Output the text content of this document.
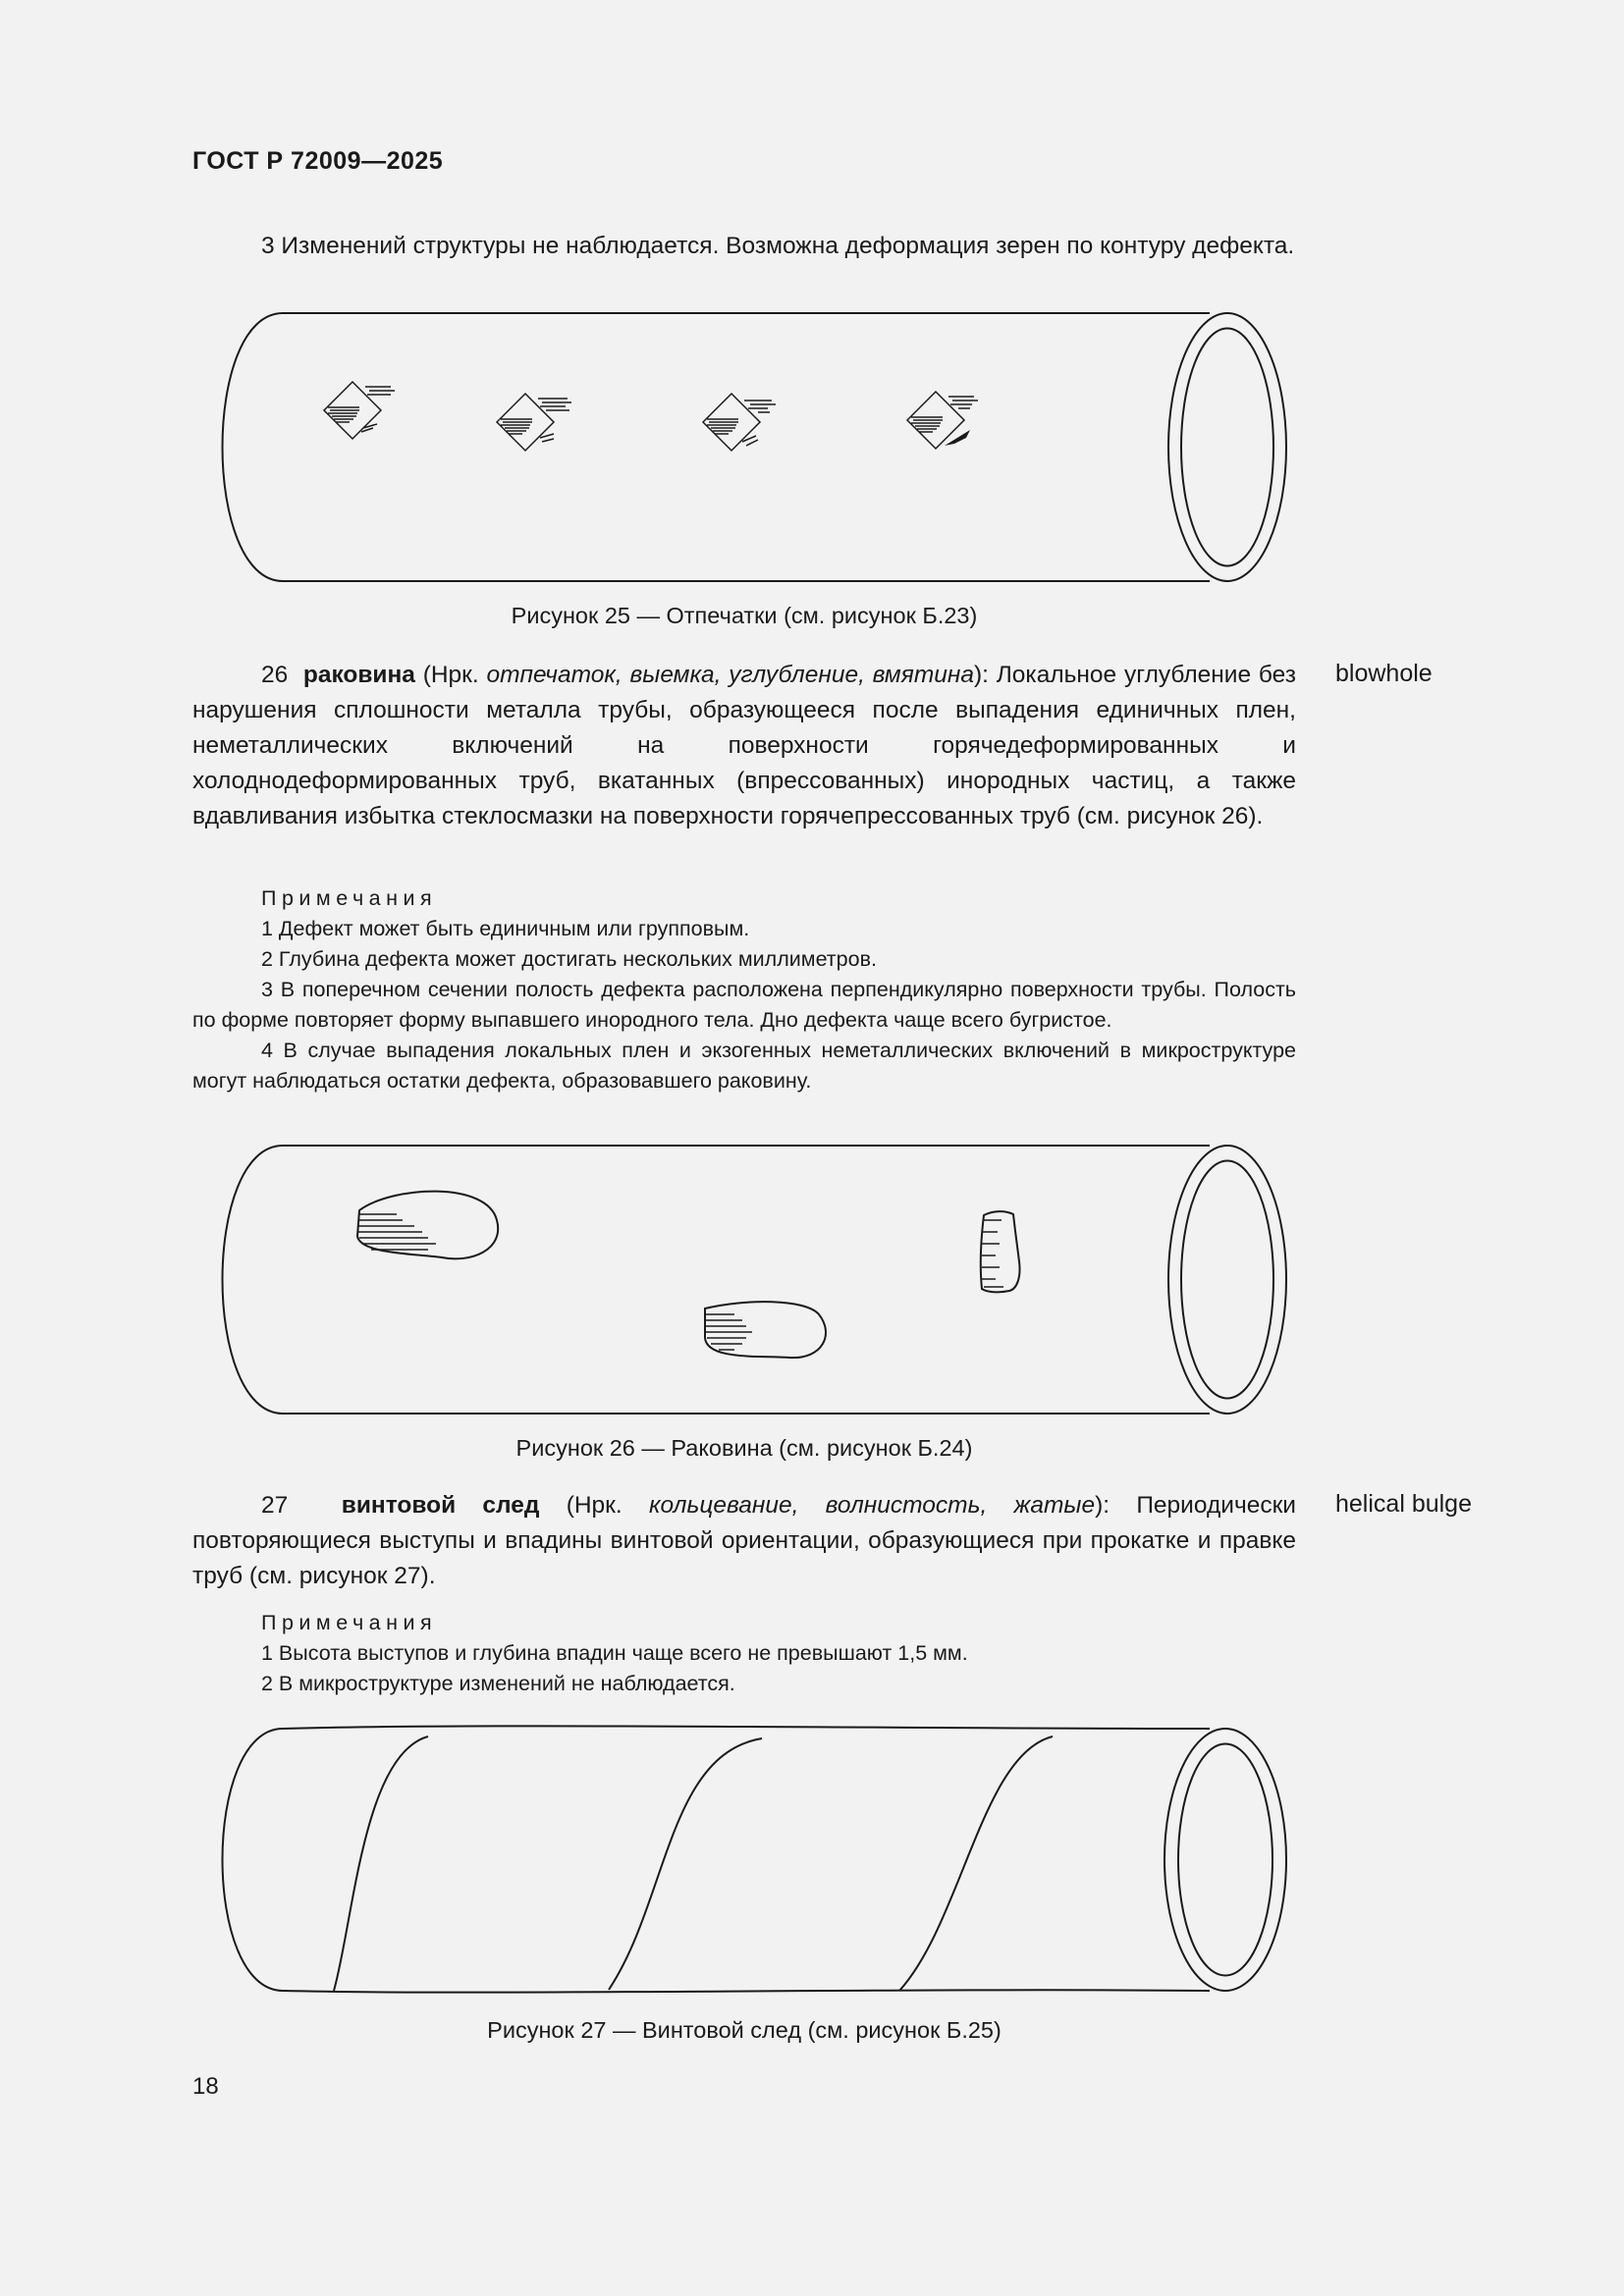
ГОСТ Р 72009—2025
3 Изменений структуры не наблюдается. Возможна деформация зерен по контуру дефекта.
Рисунок 25 — Отпечатки (см. рисунок Б.23)
26 раковина (Нрк. отпечаток, выемка, углубление, вмятина): Локальное углубление без нарушения сплошности металла трубы, образующееся после выпадения единичных плен, неметаллических включений на поверхности горячедеформированных и холоднодеформированных труб, вкатанных (впрессованных) инородных частиц, а также вдавливания избытка стеклосмазки на поверхности горячепрессованных труб (см. рисунок 26).
blowhole
Примечания
1 Дефект может быть единичным или групповым.
2 Глубина дефекта может достигать нескольких миллиметров.
3 В поперечном сечении полость дефекта расположена перпендикулярно поверхности трубы. Полость по форме повторяет форму выпавшего инородного тела. Дно дефекта чаще всего бугристое.
4 В случае выпадения локальных плен и экзогенных неметаллических включений в микроструктуре могут наблюдаться остатки дефекта, образовавшего раковину.
Рисунок 26 — Раковина (см. рисунок Б.24)
27 винтовой след (Нрк. кольцевание, волнистость, жатые): Периодически повторяющиеся выступы и впадины винтовой ориентации, образующиеся при прокатке и правке труб (см. рисунок 27).
helical bulge
Примечания
1 Высота выступов и глубина впадин чаще всего не превышают 1,5 мм.
2 В микроструктуре изменений не наблюдается.
Рисунок 27 — Винтовой след (см. рисунок Б.25)
18
